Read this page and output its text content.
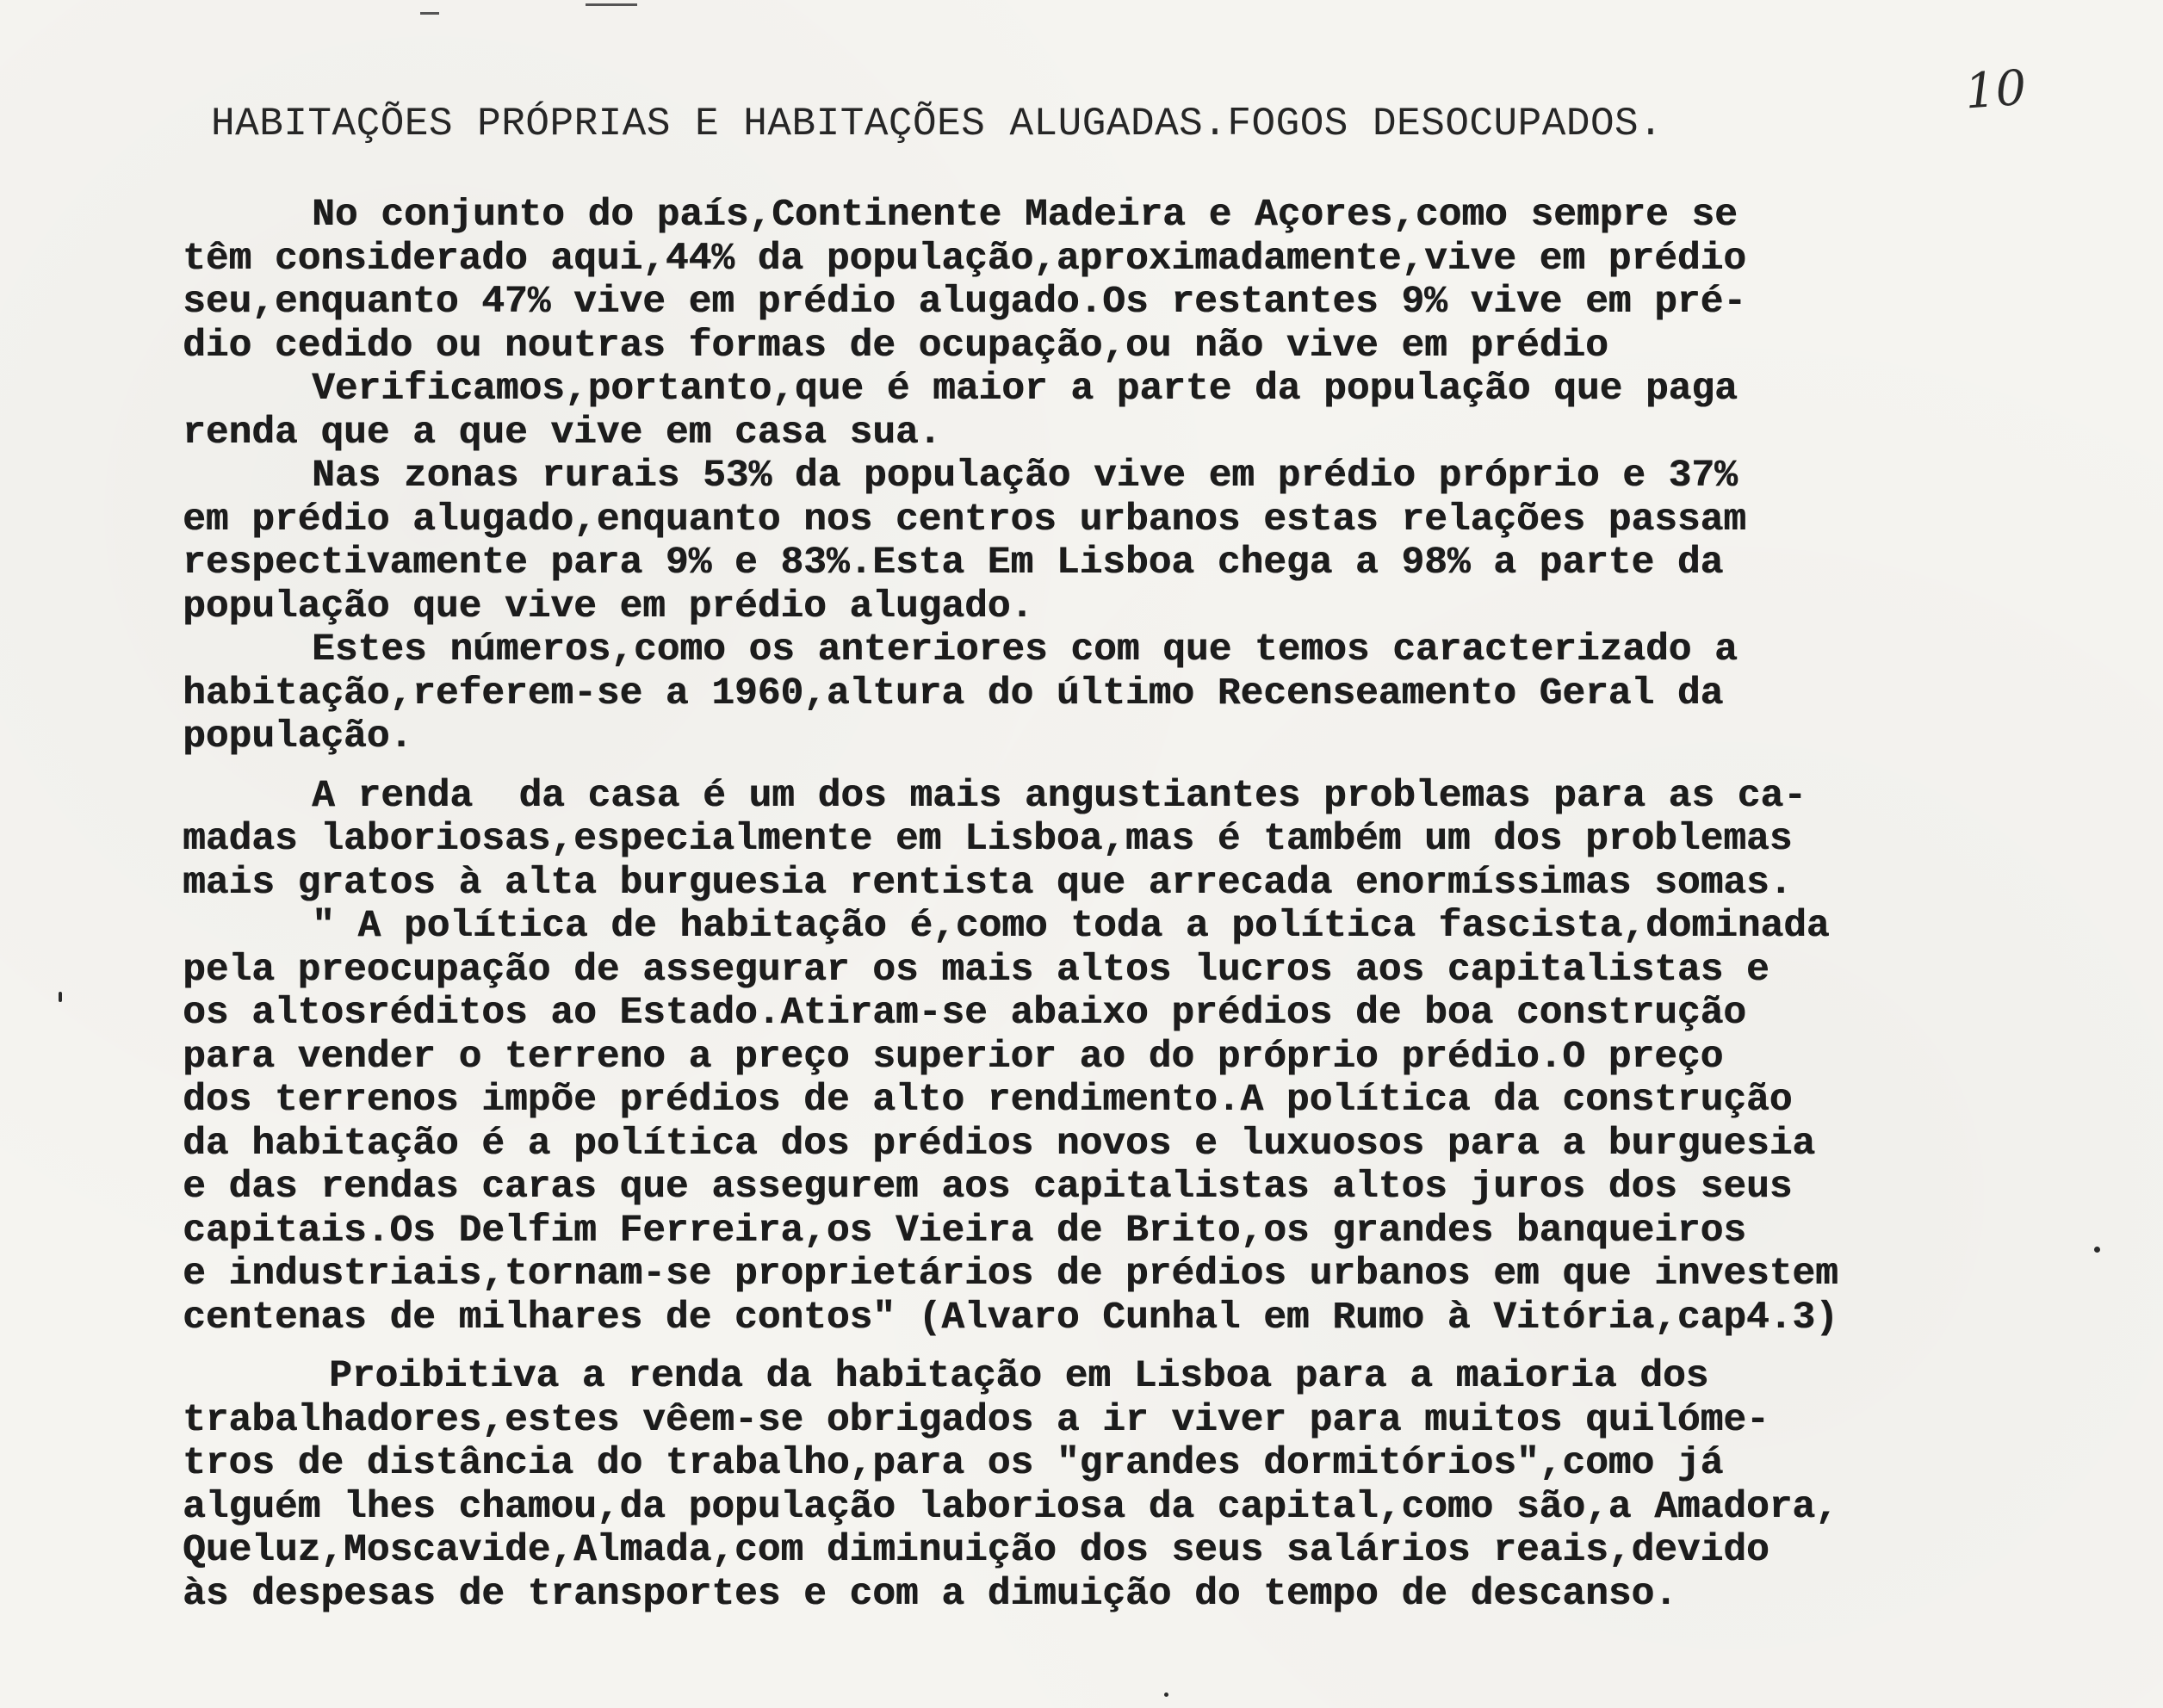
10
HABITAÇÕES PRÓPRIAS E HABITAÇÕES ALUGADAS.FOGOS DESOCUPADOS.
No conjunto do país,Continente Madeira e Açores,como sempre se
têm considerado aqui,44% da população,aproximadamente,vive em prédio
seu,enquanto 47% vive em prédio alugado.Os restantes 9% vive em pré-
dio cedido ou noutras formas de ocupação,ou não vive em prédio
Verificamos,portanto,que é maior a parte da população que paga
renda que a que vive em casa sua.
Nas zonas rurais 53% da população vive em prédio próprio e 37%
em prédio alugado,enquanto nos centros urbanos estas relações passam
respectivamente para 9% e 83%.Esta Em Lisboa chega a 98% a parte da
população que vive em prédio alugado.
Estes números,como os anteriores com que temos caracterizado a
habitação,referem-se a 1960,altura do último Recenseamento Geral da
população.
A renda  da casa é um dos mais angustiantes problemas para as ca-
madas laboriosas,especialmente em Lisboa,mas é também um dos problemas
mais gratos à alta burguesia rentista que arrecada enormíssimas somas.
" A política de habitação é,como toda a política fascista,dominada
pela preocupação de assegurar os mais altos lucros aos capitalistas e
os altosréditos ao Estado.Atiram-se abaixo prédios de boa construção
para vender o terreno a preço superior ao do próprio prédio.O preço
dos terrenos impõe prédios de alto rendimento.A política da construção
da habitação é a política dos prédios novos e luxuosos para a burguesia
e das rendas caras que assegurem aos capitalistas altos juros dos seus
capitais.Os Delfim Ferreira,os Vieira de Brito,os grandes banqueiros
e industriais,tornam-se proprietários de prédios urbanos em que investem
centenas de milhares de contos" (Alvaro Cunhal em Rumo à Vitória,cap4.3)
Proibitiva a renda da habitação em Lisboa para a maioria dos
trabalhadores,estes vêem-se obrigados a ir viver para muitos quilóme-
tros de distância do trabalho,para os "grandes dormitórios",como já
alguém lhes chamou,da população laboriosa da capital,como são,a Amadora,
Queluz,Moscavide,Almada,com diminuição dos seus salários reais,devido
às despesas de transportes e com a dimuição do tempo de descanso.
